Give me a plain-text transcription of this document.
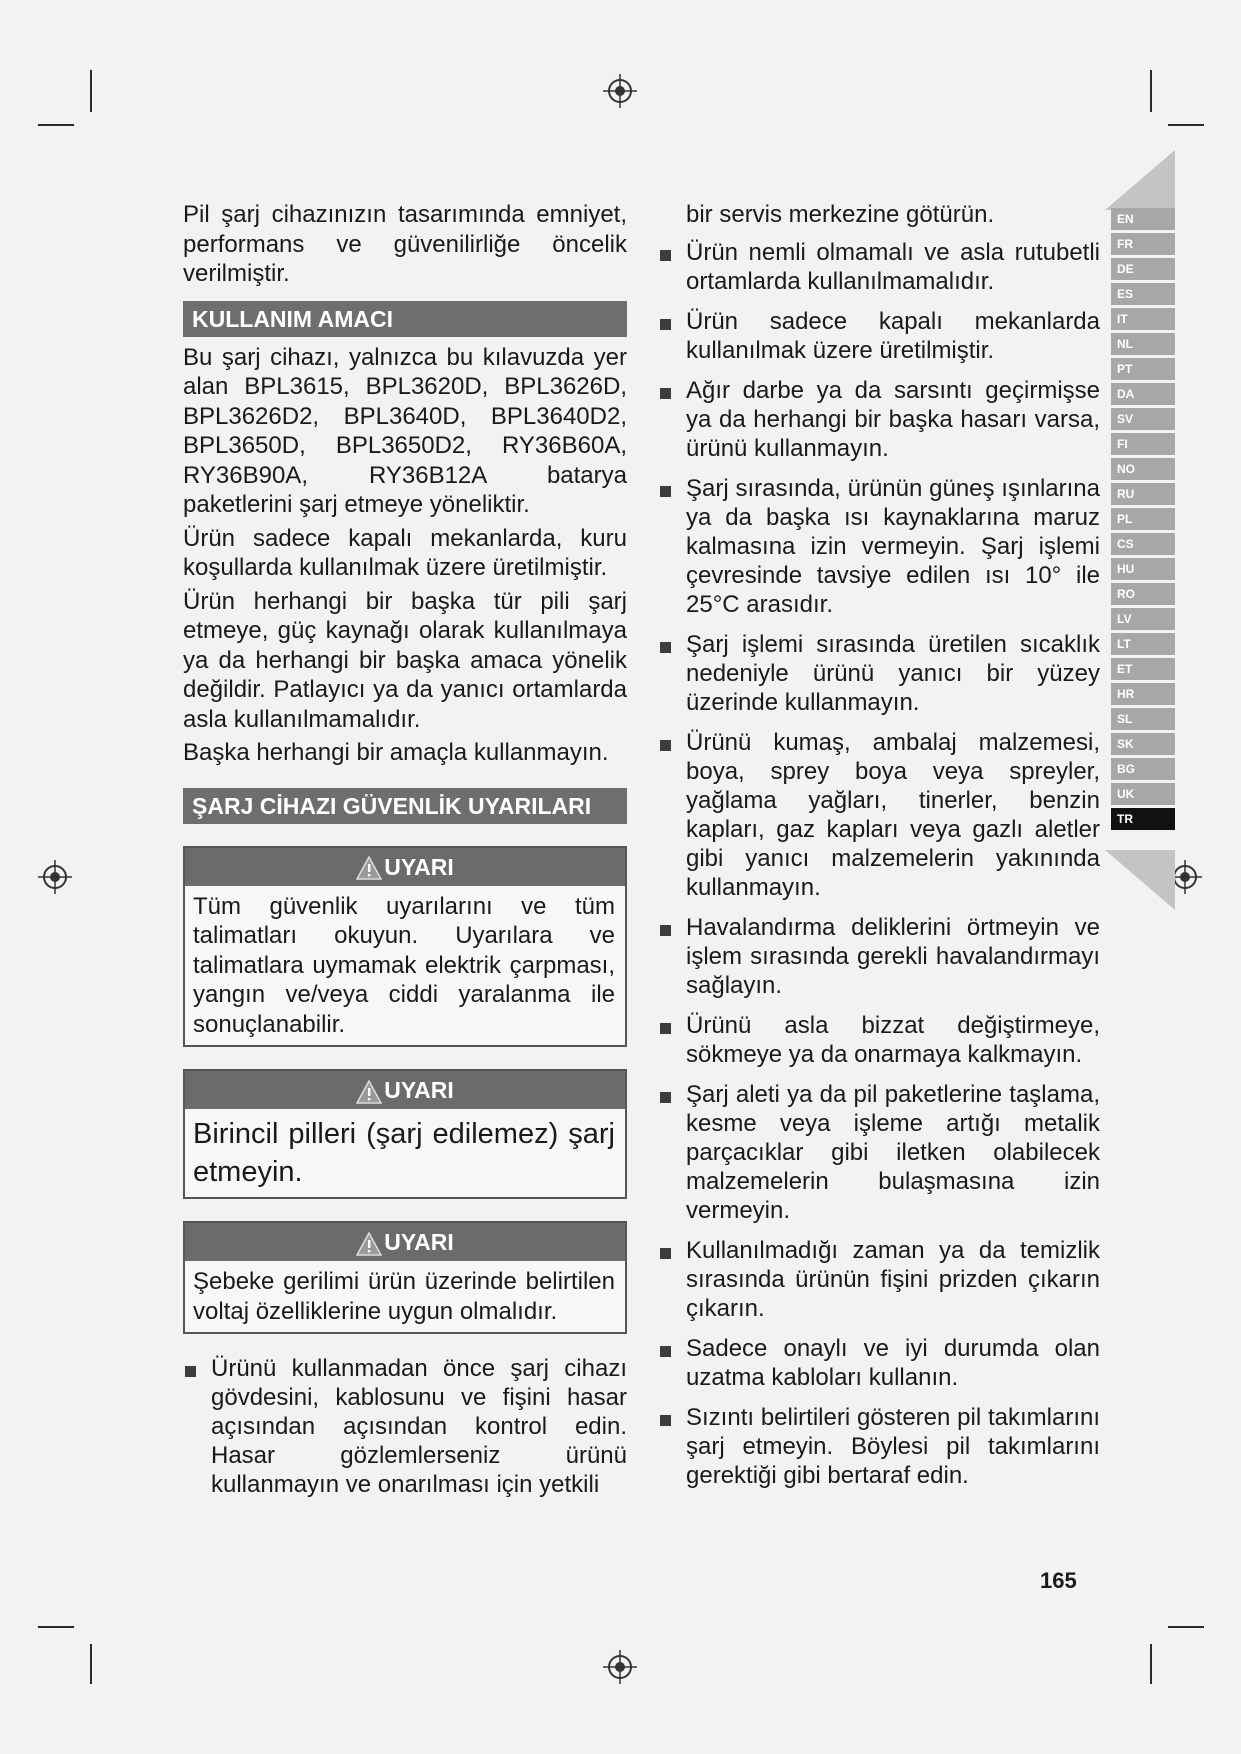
Pil şarj cihazınızın tasarımında emniyet, performans ve güvenilirliğe öncelik verilmiştir.

KULLANIM AMACI

Bu şarj cihazı, yalnızca bu kılavuzda yer alan BPL3615, BPL3620D, BPL3626D, BPL3626D2, BPL3640D, BPL3640D2, BPL3650D, BPL3650D2, RY36B60A, RY36B90A, RY36B12A batarya paketlerini şarj etmeye yöneliktir.

Ürün sadece kapalı mekanlarda, kuru koşullarda kullanılmak üzere üretilmiştir.

Ürün herhangi bir başka tür pili şarj etmeye, güç kaynağı olarak kullanılmaya ya da herhangi bir başka amaca yönelik değildir. Patlayıcı ya da yanıcı ortamlarda asla kullanılmamalıdır.

Başka herhangi bir amaçla kullanmayın.

ŞARJ CİHAZI GÜVENLİK UYARILARI
UYARI
Tüm güvenlik uyarılarını ve tüm talimatları okuyun. Uyarılara ve talimatlara uymamak elektrik çarpması, yangın ve/veya ciddi yaralanma ile sonuçlanabilir.
UYARI
Birincil pilleri (şarj edilemez) şarj etmeyin.
UYARI
Şebeke gerilimi ürün üzerinde belirtilen voltaj özelliklerine uygun olmalıdır.
Ürünü kullanmadan önce şarj cihazı gövdesini, kablosunu ve fişini hasar açısından açısından kontrol edin. Hasar gözlemlerseniz ürünü kullanmayın ve onarılması için yetkili
bir servis merkezine götürün.
Ürün nemli olmamalı ve asla rutubetli ortamlarda kullanılmamalıdır.
Ürün sadece kapalı mekanlarda kullanılmak üzere üretilmiştir.
Ağır darbe ya da sarsıntı geçirmişse ya da herhangi bir başka hasarı varsa, ürünü kullanmayın.
Şarj sırasında, ürünün güneş ışınlarına ya da başka ısı kaynaklarına maruz kalmasına izin vermeyin. Şarj işlemi çevresinde tavsiye edilen ısı 10° ile 25°C arasıdır.
Şarj işlemi sırasında üretilen sıcaklık nedeniyle ürünü yanıcı bir yüzey üzerinde kullanmayın.
Ürünü kumaş, ambalaj malzemesi, boya, sprey boya veya spreyler, yağlama yağları, tinerler, benzin kapları, gaz kapları veya gazlı aletler gibi yanıcı malzemelerin yakınında kullanmayın.
Havalandırma deliklerini örtmeyin ve işlem sırasında gerekli havalandırmayı sağlayın.
Ürünü asla bizzat değiştirmeye, sökmeye ya da onarmaya kalkmayın.
Şarj aleti ya da pil paketlerine taşlama, kesme veya işleme artığı metalik parçacıklar gibi iletken olabilecek malzemelerin bulaşmasına izin vermeyin.
Kullanılmadığı zaman ya da temizlik sırasında ürünün fişini prizden çıkarın çıkarın.
Sadece onaylı ve iyi durumda olan uzatma kabloları kullanın.
Sızıntı belirtileri gösteren pil takımlarını şarj etmeyin. Böylesi pil takımlarını gerektiği gibi bertaraf edin.
EN
FR
DE
ES
IT
NL
PT
DA
SV
FI
NO
RU
PL
CS
HU
RO
LV
LT
ET
HR
SL
SK
BG
UK
TR
165
